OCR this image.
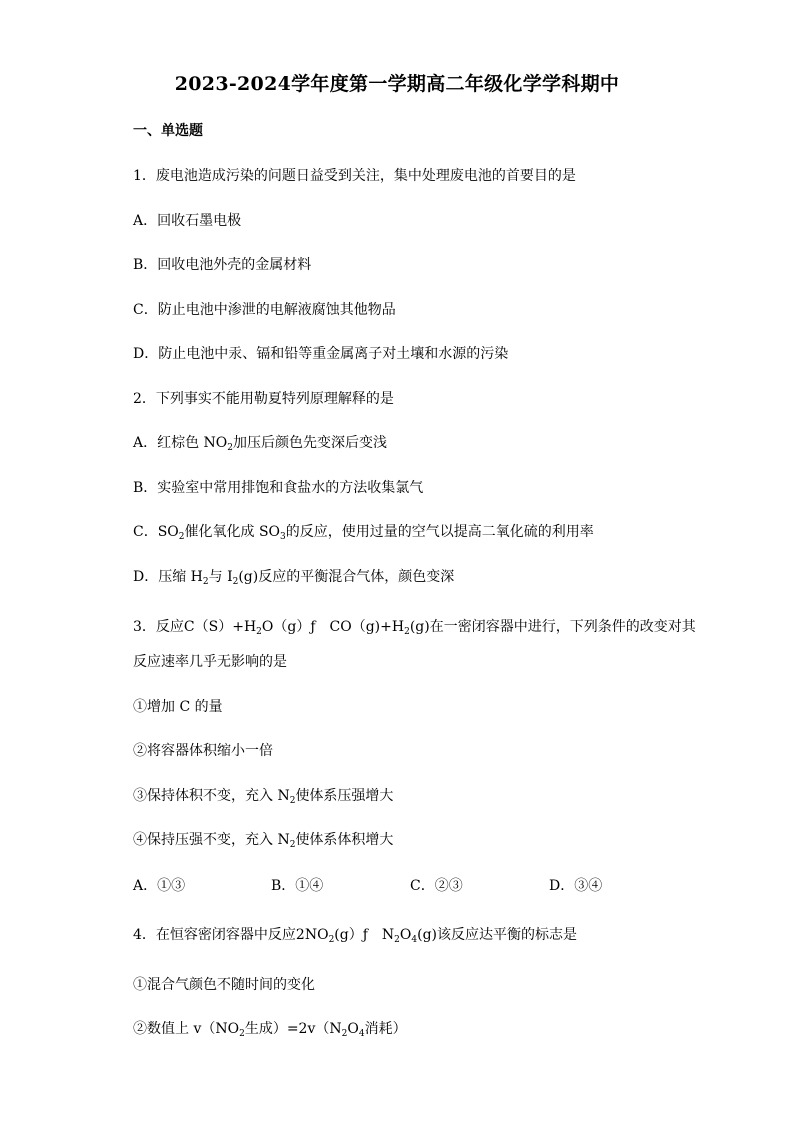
2023-2024学年度第一学期高二年级化学学科期中
一、单选题
1．废电池造成污染的问题日益受到关注，集中处理废电池的首要目的是
A．回收石墨电极
B．回收电池外壳的金属材料
C．防止电池中渗泄的电解液腐蚀其他物品
D．防止电池中汞、镉和铅等重金属离子对土壤和水源的污染
2．下列事实不能用勒夏特列原理解释的是
A．红棕色 $NO_2$加压后颜色先变深后变浅
B．实验室中常用排饱和食盐水的方法收集氯气
C．$SO_2$催化氧化成 $SO_3$的反应，使用过量的空气以提高二氧化硫的利用率
D．压缩 $H_2$与 $I_2(g)$反应的平衡混合气体，颜色变深
3．反应$C(S)+H_2O(g)ƒ$　$CO(g)+H_2(g)$在一密闭容器中进行，下列条件的改变对其
反应速率几乎无影响的是
①增加 C 的量
②将容器体积缩小一倍
③保持体积不变，充入 $N_2$使体系压强增大
④保持压强不变，充入 $N_2$使体系体积增大
A．①③	B．①④	C．②③	D．③④
4．在恒容密闭容器中反应$2NO_2(g)ƒ$　$N_2O_4(g)$该反应达平衡的标志是
①混合气颜色不随时间的变化
②数值上 $v(NO_2$生成）$=2v(N_2O_4$消耗）
